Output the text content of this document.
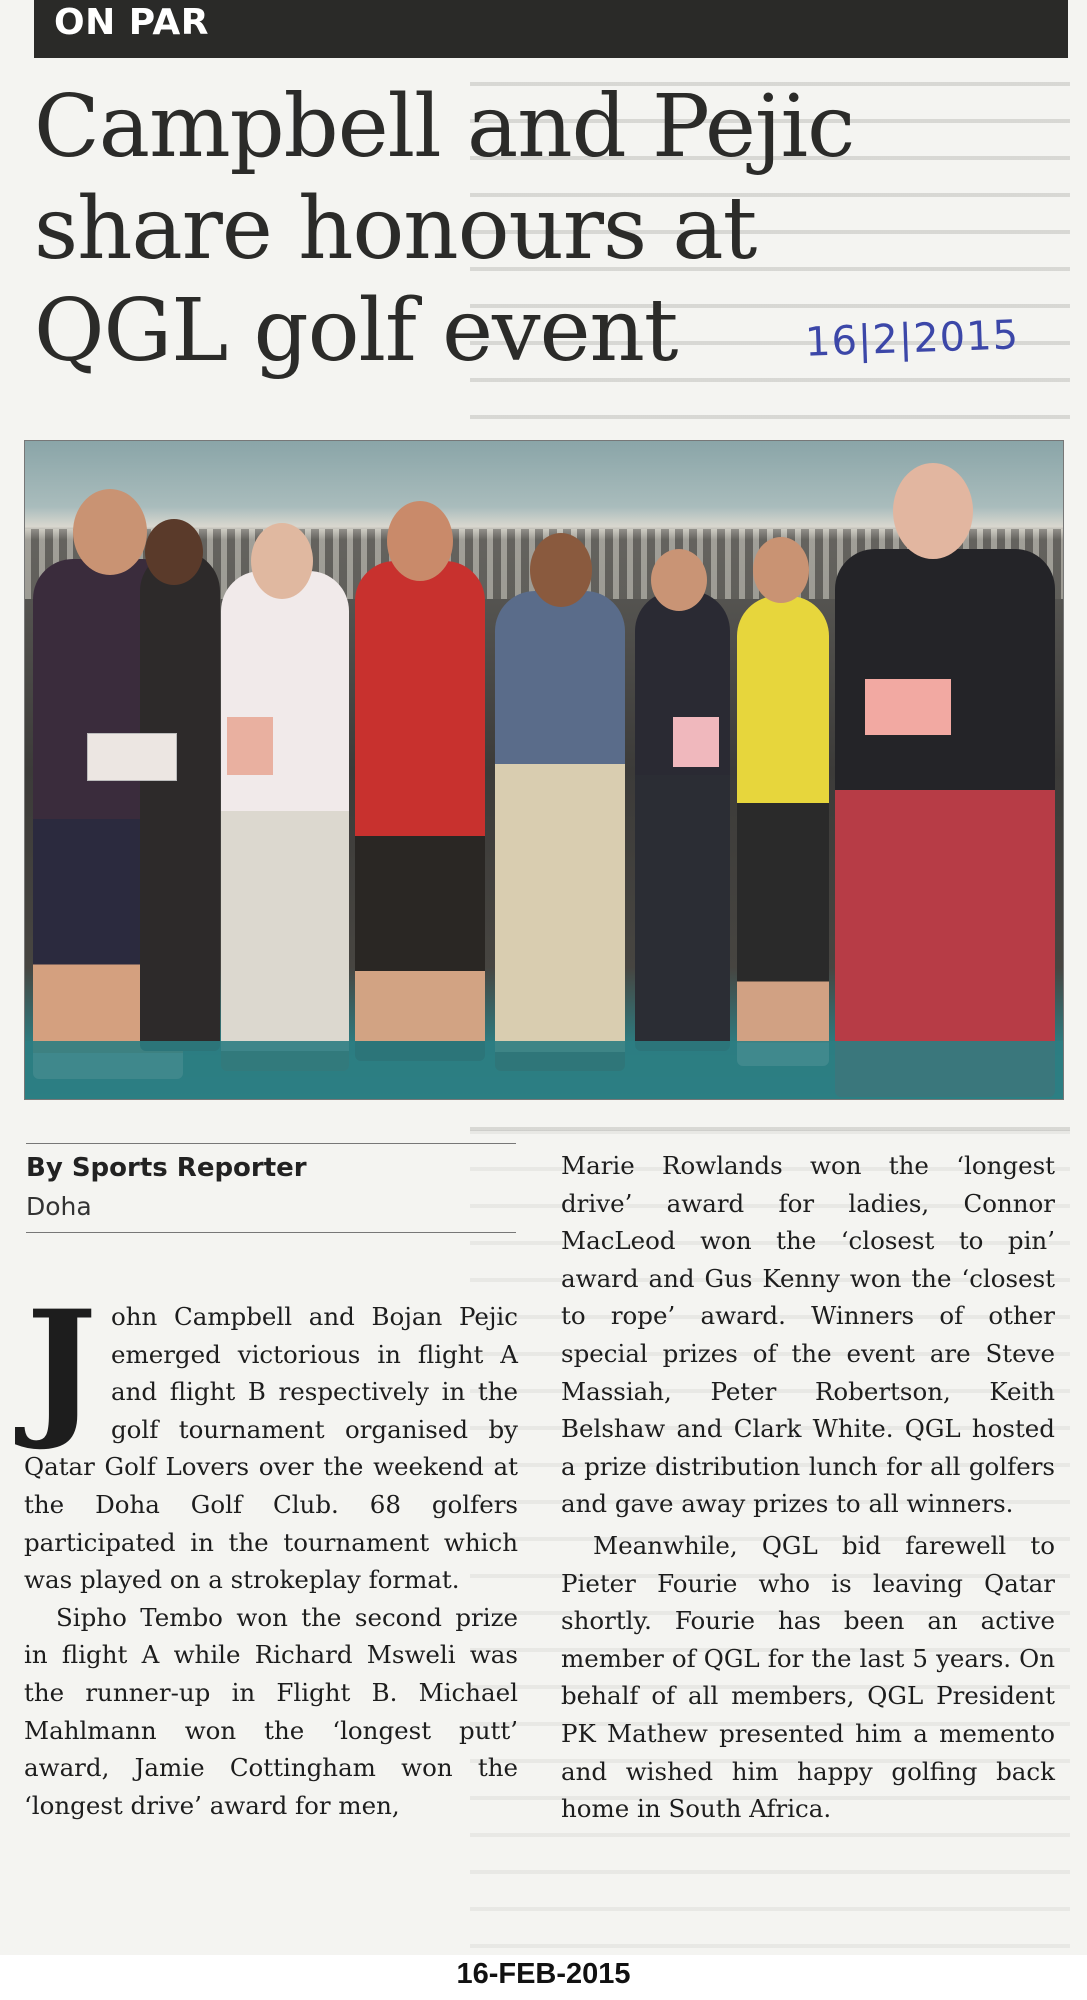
ON PAR
Campbell and Pejic
share honours at
QGL golf event	16|2|2015
By Sports Reporter
Doha

John Campbell and Bojan Pejic emerged victorious in flight A and flight B respectively in the golf tournament organised by Qatar Golf Lovers over the weekend at the Doha Golf Club. 68 golfers participated in the tournament which was played on a strokeplay format.

Sipho Tembo won the second prize in flight A while Richard Msweli was the runner-up in Flight B. Michael Mahlmann won the ‘longest putt’ award, Jamie Cottingham won the ‘longest drive’ award for men,

Marie Rowlands won the ‘longest drive’ award for ladies, Connor MacLeod won the ‘closest to pin’ award and Gus Kenny won the ‘closest to rope’ award. Winners of other special prizes of the event are Steve Massiah, Peter Robertson, Keith Belshaw and Clark White. QGL hosted a prize distribution lunch for all golfers and gave away prizes to all winners.

Meanwhile, QGL bid farewell to Pieter Fourie who is leaving Qatar shortly. Fourie has been an active member of QGL for the last 5 years. On behalf of all members, QGL President PK Mathew presented him a memento and wished him happy golfing back home in South Africa.

16-FEB-2015
